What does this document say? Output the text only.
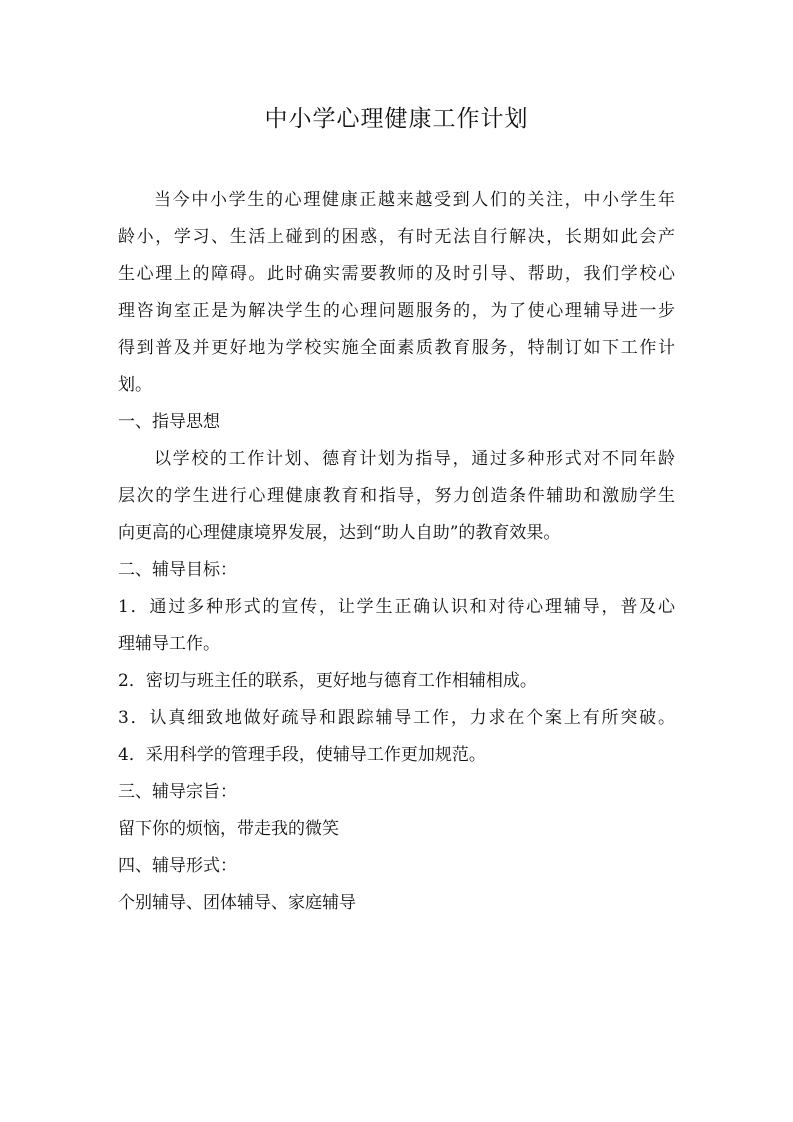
中小学心理健康工作计划
当今中小学生的心理健康正越来越受到人们的关注，中小学生年
龄小，学习、生活上碰到的困惑，有时无法自行解决，长期如此会产
生心理上的障碍。此时确实需要教师的及时引导、帮助，我们学校心
理咨询室正是为解决学生的心理问题服务的，为了使心理辅导进一步
得到普及并更好地为学校实施全面素质教育服务，特制订如下工作计
划。
一、指导思想
以学校的工作计划、德育计划为指导，通过多种形式对不同年龄
层次的学生进行心理健康教育和指导，努力创造条件辅助和激励学生
向更高的心理健康境界发展，达到“助人自助”的教育效果。
二、辅导目标：
1．通过多种形式的宣传，让学生正确认识和对待心理辅导，普及心
理辅导工作。
2．密切与班主任的联系，更好地与德育工作相辅相成。
3．认真细致地做好疏导和跟踪辅导工作，力求在个案上有所突破。
4．采用科学的管理手段，使辅导工作更加规范。
三、辅导宗旨：
留下你的烦恼，带走我的微笑
四、辅导形式：
个别辅导、团体辅导、家庭辅导
